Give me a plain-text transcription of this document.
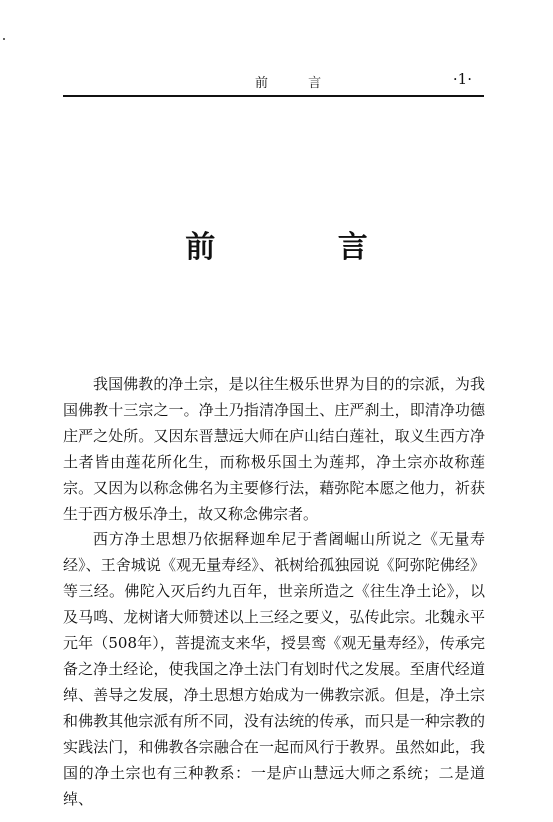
前 言	·1·
前 言

我国佛教的净土宗，是以往生极乐世界为目的的宗派，为我国佛教十三宗之一。净土乃指清净国土、庄严刹土，即清净功德庄严之处所。又因东晋慧远大师在庐山结白莲社，取义生西方净土者皆由莲花所化生，而称极乐国土为莲邦，净土宗亦故称莲宗。又因为以称念佛名为主要修行法，藉弥陀本愿之他力，祈获生于西方极乐净土，故又称念佛宗者。

西方净土思想乃依据释迦牟尼于耆阇崛山所说之《无量寿经》、王舍城说《观无量寿经》、祇树给孤独园说《阿弥陀佛经》等三经。佛陀入灭后约九百年，世亲所造之《往生净土论》，以及马鸣、龙树诸大师赞述以上三经之要义，弘传此宗。北魏永平元年（508年），菩提流支来华，授昙鸾《观无量寿经》，传承完备之净土经论，使我国之净土法门有划时代之发展。至唐代经道绰、善导之发展，净土思想方始成为一佛教宗派。但是，净土宗和佛教其他宗派有所不同，没有法统的传承，而只是一种宗教的实践法门，和佛教各宗融合在一起而风行于教界。虽然如此，我国的净土宗也有三种教系：一是庐山慧远大师之系统；二是道绰、
